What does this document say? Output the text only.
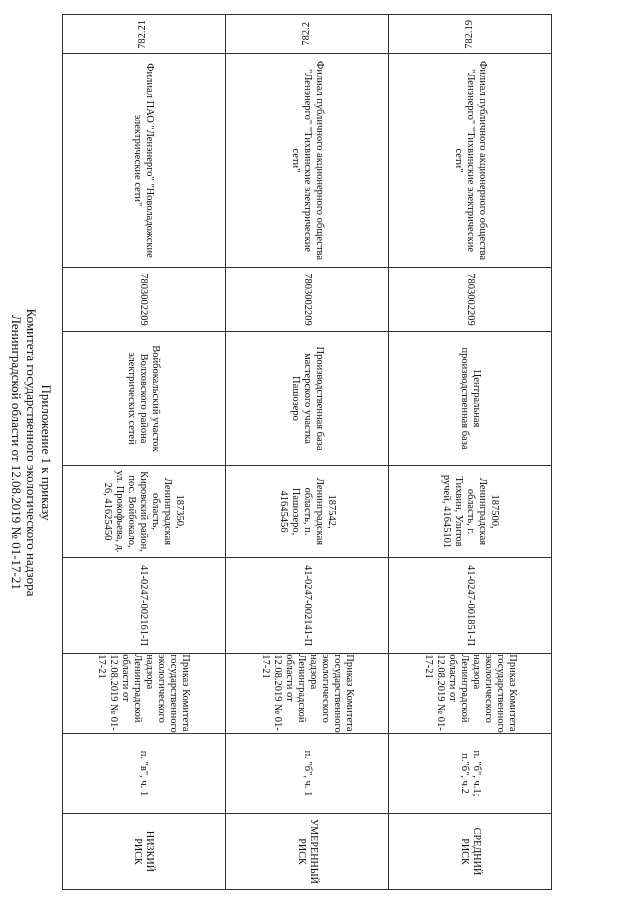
Приложение 1 к приказу
Комитета государственного экологического надзора
Ленинградской области от 12.08.2019 № 01-17-21
782.19
Филиал публичного акционерного общества "Ленэнерго" "Тихвинские электрические сети"
7803002209
Центральная производственная база
187500, Ленинградская область, г. Тихвин, Улитов ручей, 41645101
41-0247-001851-П
Приказ Комитета государственного экологического надзора Ленинградской области от 12.08.2019 № 01-17-21
п. "б", ч.1; п."б", ч.2
СРЕДНИЙ РИСК
782.2
Филиал публичного акционерного общества "Ленэнерго" "Тихвинские электрические сети"
7803002209
Производственная база мастерского участка Пашозеро
187542, Ленинградская область, п. Пашозеро, 41645456
41-0247-002141-П
Приказ Комитета государственного экологического надзора Ленинградской области от 12.08.2019 № 01-17-21
п. "б", ч. 1
УМЕРЕННЫЙ РИСК
782.21
Филиал ПАО "Ленэнерго" "Новоладожские электрические сети"
7803002209
Войбокальский участок Волховского района электрических сетей
187350, Ленинградская область, Кировский район, пос. Войбокало, ул. Прокофьева, д. 26, 41625450
41-0247-002161-П
Приказ Комитета государственного экологического надзора Ленинградской области от 12.08.2019 № 01-17-21
п. "в", ч. 1
НИЗКИЙ РИСК
